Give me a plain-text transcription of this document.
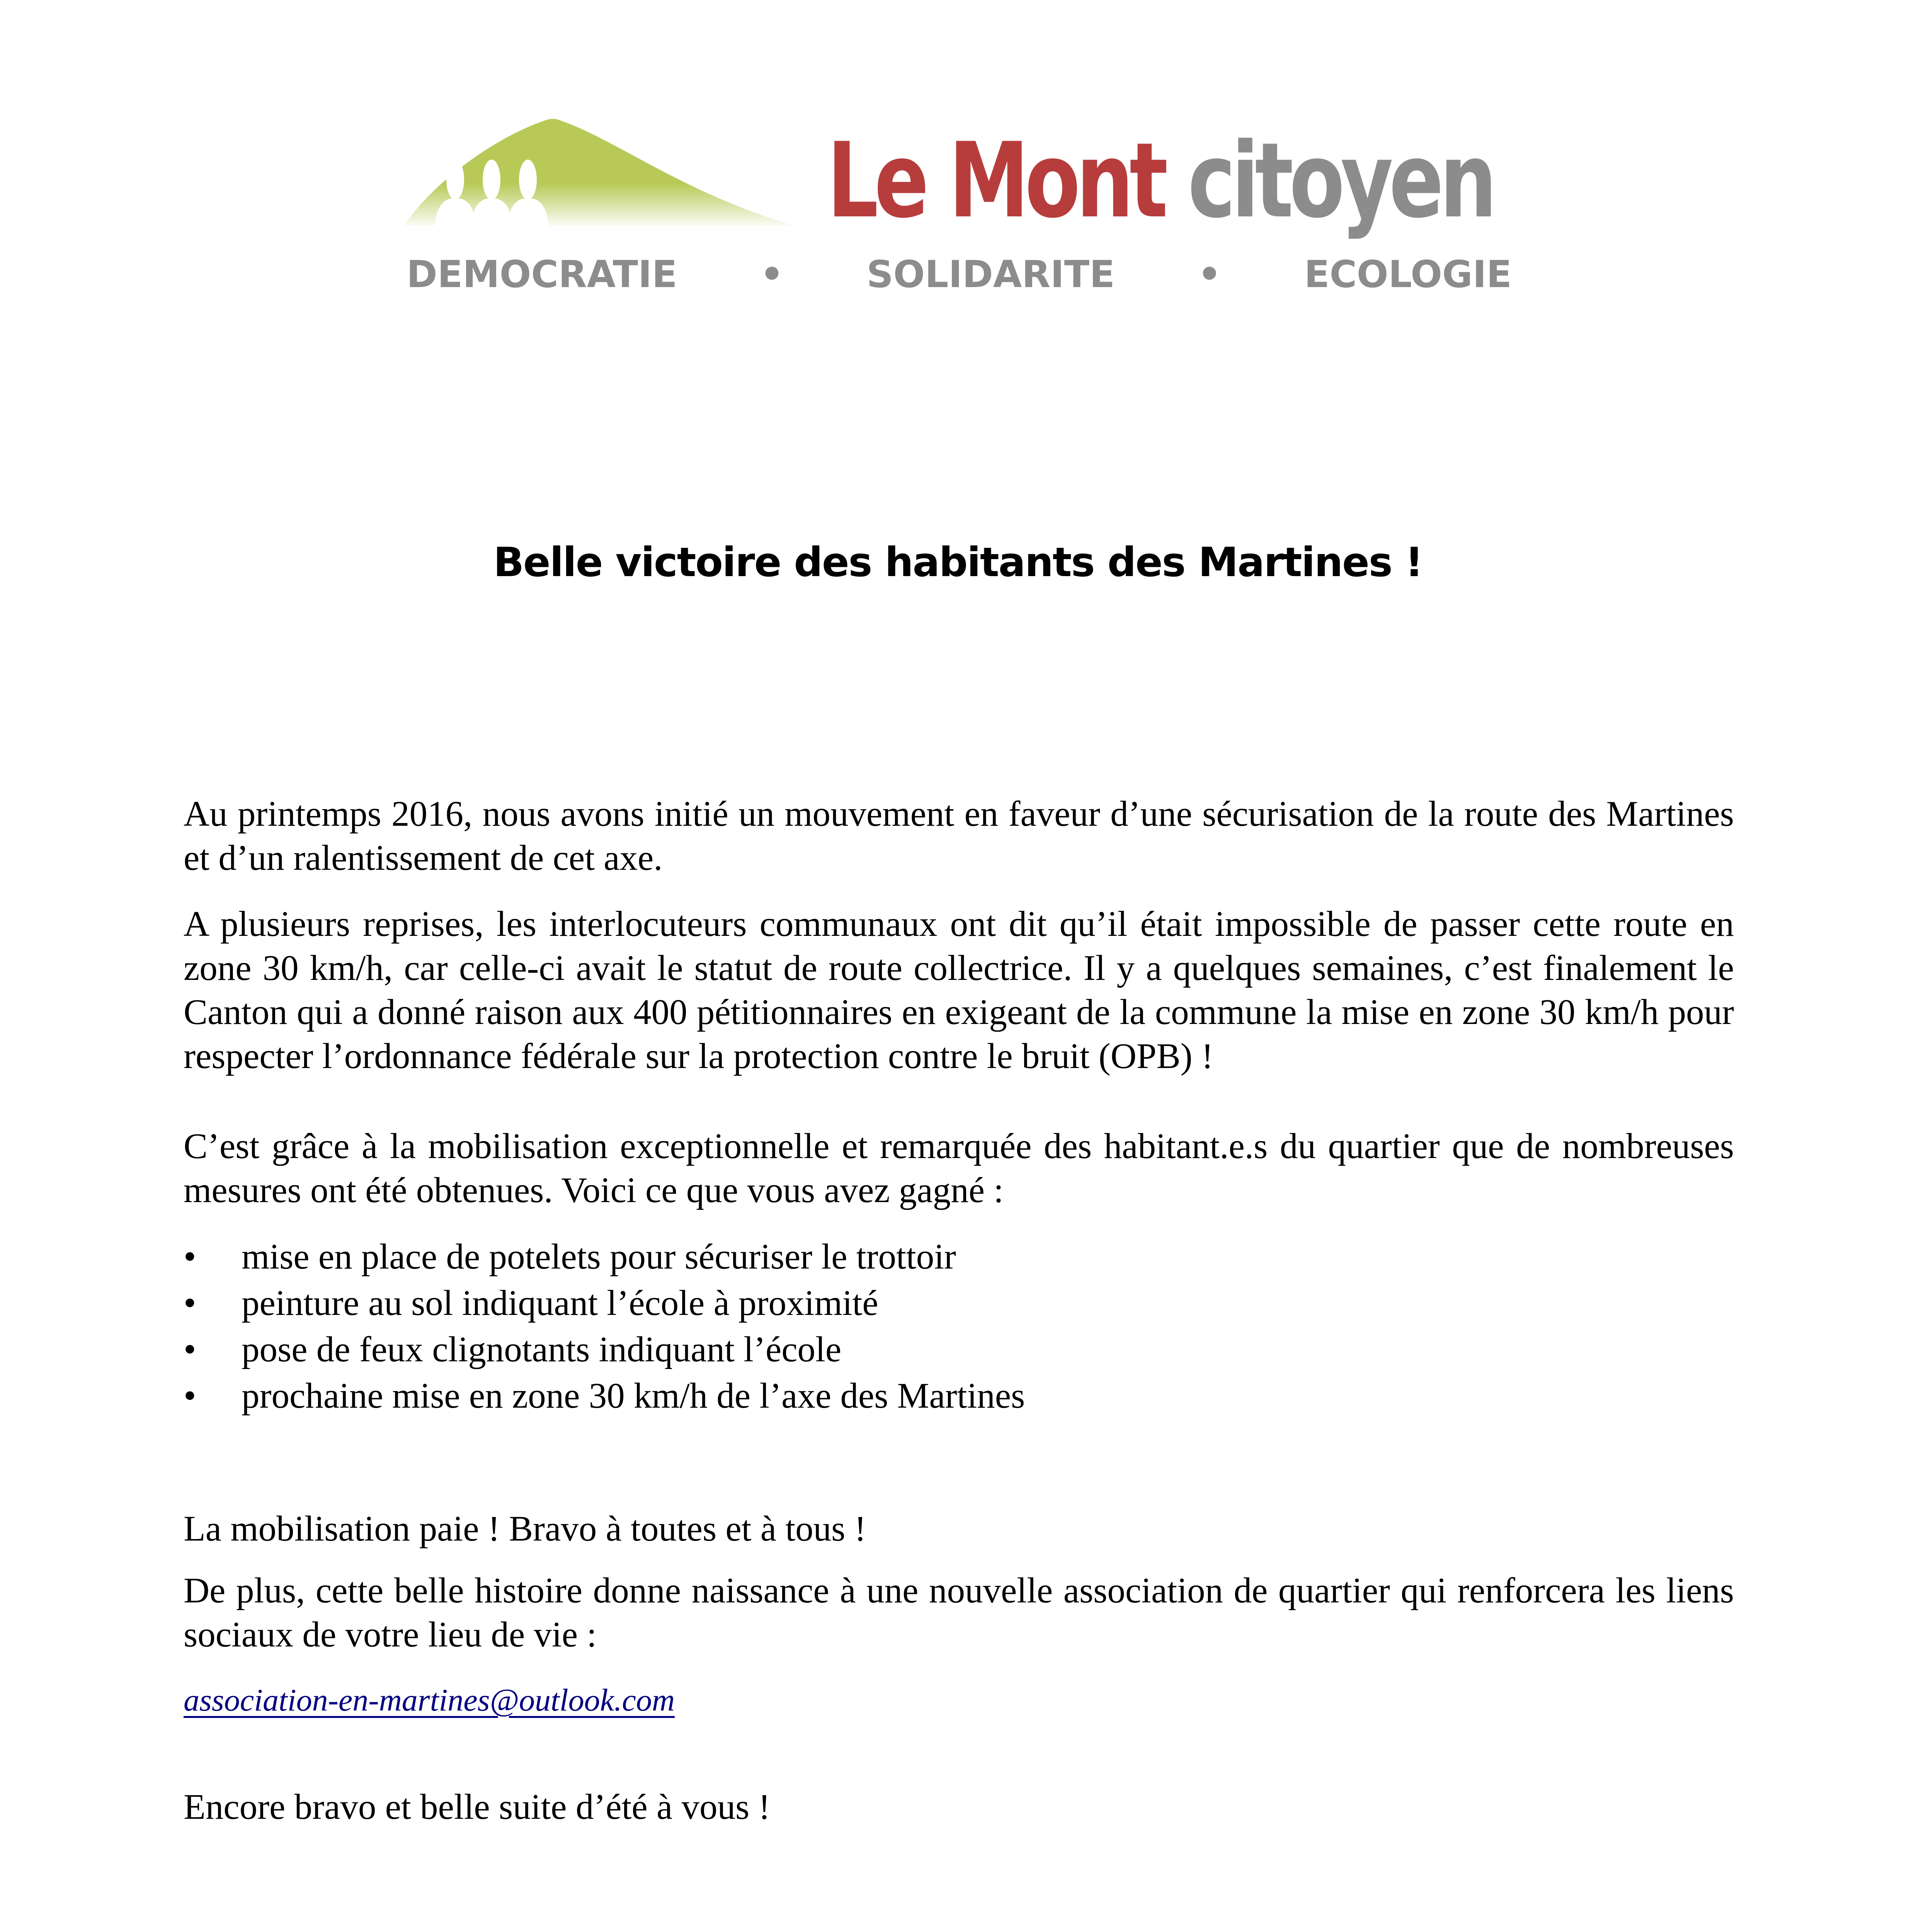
Le Mont citoyen
DEMOCRATIE • SOLIDARITE • ECOLOGIE
Belle victoire des habitants des Martines !

Au printemps 2016, nous avons initié un mouvement en faveur d’une sécurisation de la route des Martines et d’un ralentissement de cet axe.

A plusieurs reprises, les interlocuteurs communaux ont dit qu’il était impossible de passer cette route en zone 30 km/h, car celle-ci avait le statut de route collectrice. Il y a quelques semaines, c’est finalement le Canton qui a donné raison aux 400 pétitionnaires en exigeant de la commune la mise en zone 30 km/h pour respecter l’ordonnance fédérale sur la protection contre le bruit (OPB) !

C’est grâce à la mobilisation exceptionnelle et remarquée des habitant.e.s du quartier que de nombreuses mesures ont été obtenues. Voici ce que vous avez gagné :

• mise en place de potelets pour sécuriser le trottoir
• peinture au sol indiquant l’école à proximité
• pose de feux clignotants indiquant l’école
• prochaine mise en zone 30 km/h de l’axe des Martines

La mobilisation paie ! Bravo à toutes et à tous !

De plus, cette belle histoire donne naissance à une nouvelle association de quartier qui renforcera les liens sociaux de votre lieu de vie :

association-en-martines@outlook.com

Encore bravo et belle suite d’été à vous !
